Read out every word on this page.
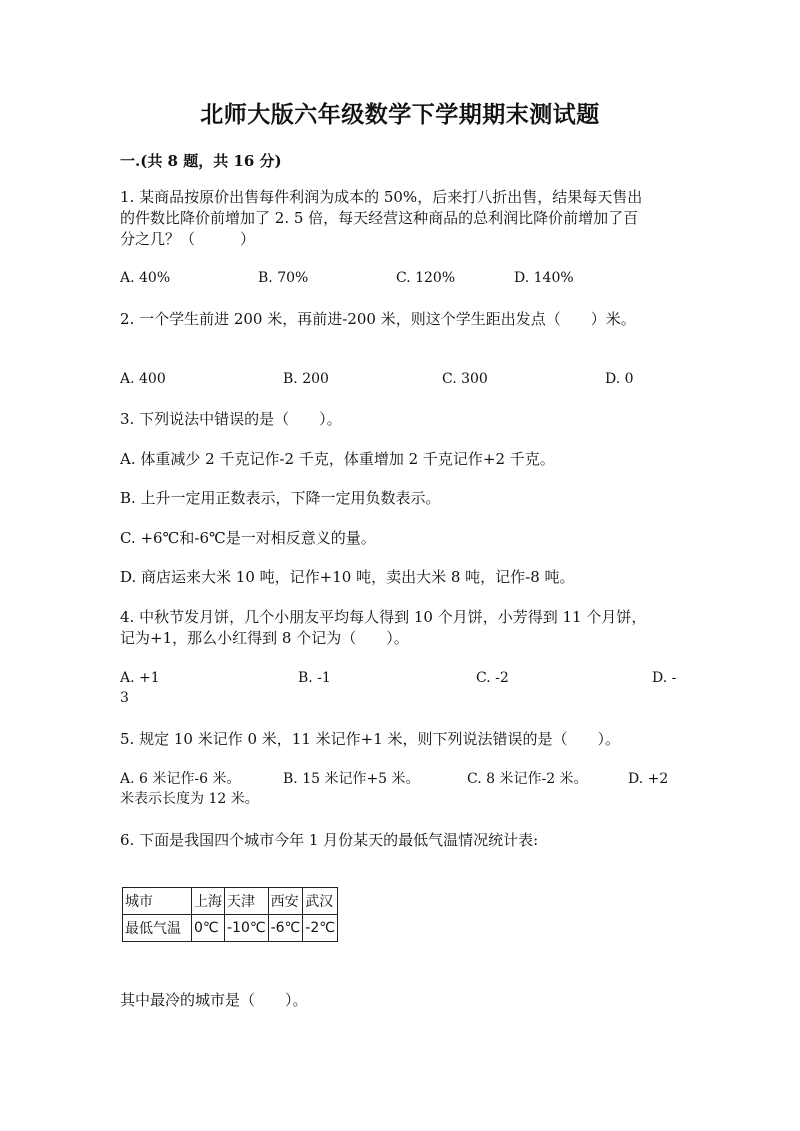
北师大版六年级数学下学期期末测试题
一.(共 8 题，共 16 分)
1. 某商品按原价出售每件利润为成本的 50%，后来打八折出售，结果每天售出
的件数比降价前增加了 2. 5 倍，每天经营这种商品的总利润比降价前增加了百
分之几？（　　　）
A. 40%	B. 70%	C. 120%	D. 140%
2. 一个学生前进 200 米，再前进-200 米，则这个学生距出发点（　　）米。
A. 400	B. 200	C. 300	D. 0
3. 下列说法中错误的是（　　）。
A. 体重减少 2 千克记作-2 千克，体重增加 2 千克记作+2 千克。
B. 上升一定用正数表示，下降一定用负数表示。
C. +6℃和-6℃是一对相反意义的量。
D. 商店运来大米 10 吨，记作+10 吨，卖出大米 8 吨，记作-8 吨。
4. 中秋节发月饼，几个小朋友平均每人得到 10 个月饼，小芳得到 11 个月饼，
记为+1，那么小红得到 8 个记为（　　）。
A. +1	B. -1	C. -2	D. -
3
5. 规定 10 米记作 0 米，11 米记作+1 米，则下列说法错误的是（　　）。
A. 6 米记作-6 米。	B. 15 米记作+5 米。	C. 8 米记作-2 米。	D. +2
米表示长度为 12 米。
6. 下面是我国四个城市今年 1 月份某天的最低气温情况统计表:
城市	上海	天津	西安	武汉
最低气温	0℃	-10℃	-6℃	-2℃
其中最冷的城市是（　　）。
